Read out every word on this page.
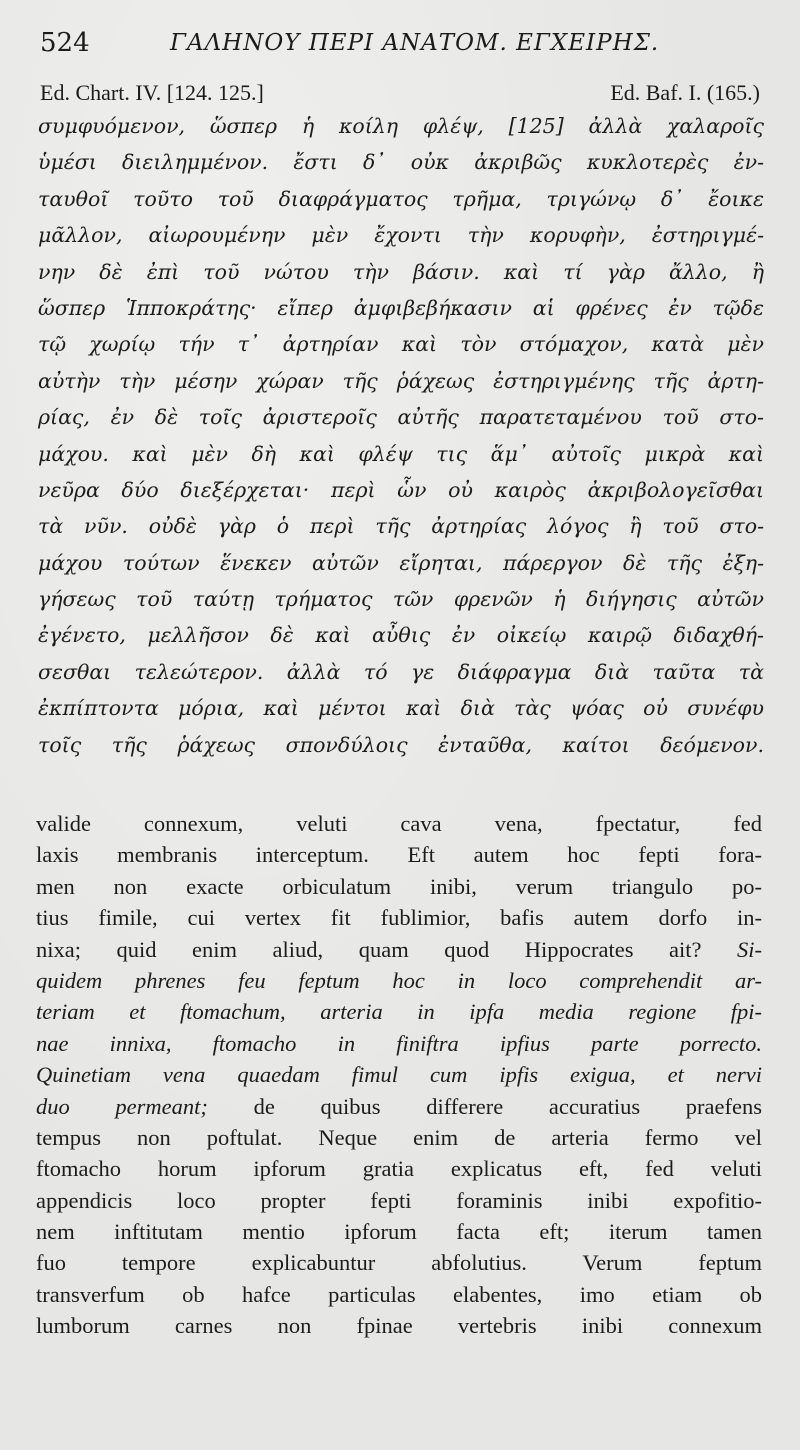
524	ΓΑΛΗΝΟΥ ΠΕΡΙ ΑΝΑΤΟΜ. ΕΓΧΕΙΡΗΣ.
Ed. Chart. IV. [124. 125.]	Ed. Baf. I. (165.)
συμφυόμενον, ὥσπερ ἡ κοίλη φλέψ, [125] ἀλλὰ χαλαροῖς
ὑμέσι διειλημμένον. ἔστι δ᾽ οὐκ ἀκριβῶς κυκλοτερὲς ἐν-
ταυθοῖ τοῦτο τοῦ διαφράγματος τρῆμα, τριγώνῳ δ᾽ ἔοικε
μᾶλλον, αἰωρουμένην μὲν ἔχοντι τὴν κορυφὴν, ἐστηριγμέ-
νην δὲ ἐπὶ τοῦ νώτου τὴν βάσιν. καὶ τί γὰρ ἄλλο, ἢ
ὥσπερ Ἱπποκράτης· εἴπερ ἀμφιβεβήκασιν αἱ φρένες ἐν τῷδε
τῷ χωρίῳ τήν τ᾽ ἀρτηρίαν καὶ τὸν στόμαχον, κατὰ μὲν
αὐτὴν τὴν μέσην χώραν τῆς ῥάχεως ἐστηριγμένης τῆς ἀρτη-
ρίας, ἐν δὲ τοῖς ἀριστεροῖς αὐτῆς παρατεταμένου τοῦ στο-
μάχου. καὶ μὲν δὴ καὶ φλέψ τις ἅμ᾽ αὐτοῖς μικρὰ καὶ
νεῦρα δύο διεξέρχεται· περὶ ὧν οὐ καιρὸς ἀκριβολογεῖσθαι
τὰ νῦν. οὐδὲ γὰρ ὁ περὶ τῆς ἀρτηρίας λόγος ἢ τοῦ στο-
μάχου τούτων ἕνεκεν αὐτῶν εἴρηται, πάρεργον δὲ τῆς ἐξη-
γήσεως τοῦ ταύτῃ τρήματος τῶν φρενῶν ἡ διήγησις αὐτῶν
ἐγένετο, μελλῆσον δὲ καὶ αὖθις ἐν οἰκείῳ καιρῷ διδαχθή-
σεσθαι τελεώτερον. ἀλλὰ τό γε διάφραγμα διὰ ταῦτα τὰ
ἐκπίπτοντα μόρια, καὶ μέντοι καὶ διὰ τὰς ψόας οὐ συνέφυ
τοῖς τῆς ῥάχεως σπονδύλοις ἐνταῦθα, καίτοι δεόμενον.
valide connexum, veluti cava vena, fpectatur, fed
laxis membranis interceptum. Eft autem hoc fepti fora-
men non exacte orbiculatum inibi, verum triangulo po-
tius fimile, cui vertex fit fublimior, bafis autem dorfo in-
nixa; quid enim aliud, quam quod Hippocrates ait? Si-
quidem phrenes feu feptum hoc in loco comprehendit ar-
teriam et ftomachum, arteria in ipfa media regione fpi-
nae innixa, ftomacho in finiftra ipfius parte porrecto.
Quinetiam vena quaedam fimul cum ipfis exigua, et nervi
duo permeant; de quibus differere accuratius praefens
tempus non poftulat. Neque enim de arteria fermo vel
ftomacho horum ipforum gratia explicatus eft, fed veluti
appendicis loco propter fepti foraminis inibi expofitio-
nem inftitutam mentio ipforum facta eft; iterum tamen
fuo tempore explicabuntur abfolutius. Verum feptum
transverfum ob hafce particulas elabentes, imo etiam ob
lumborum carnes non fpinae vertebris inibi connexum
